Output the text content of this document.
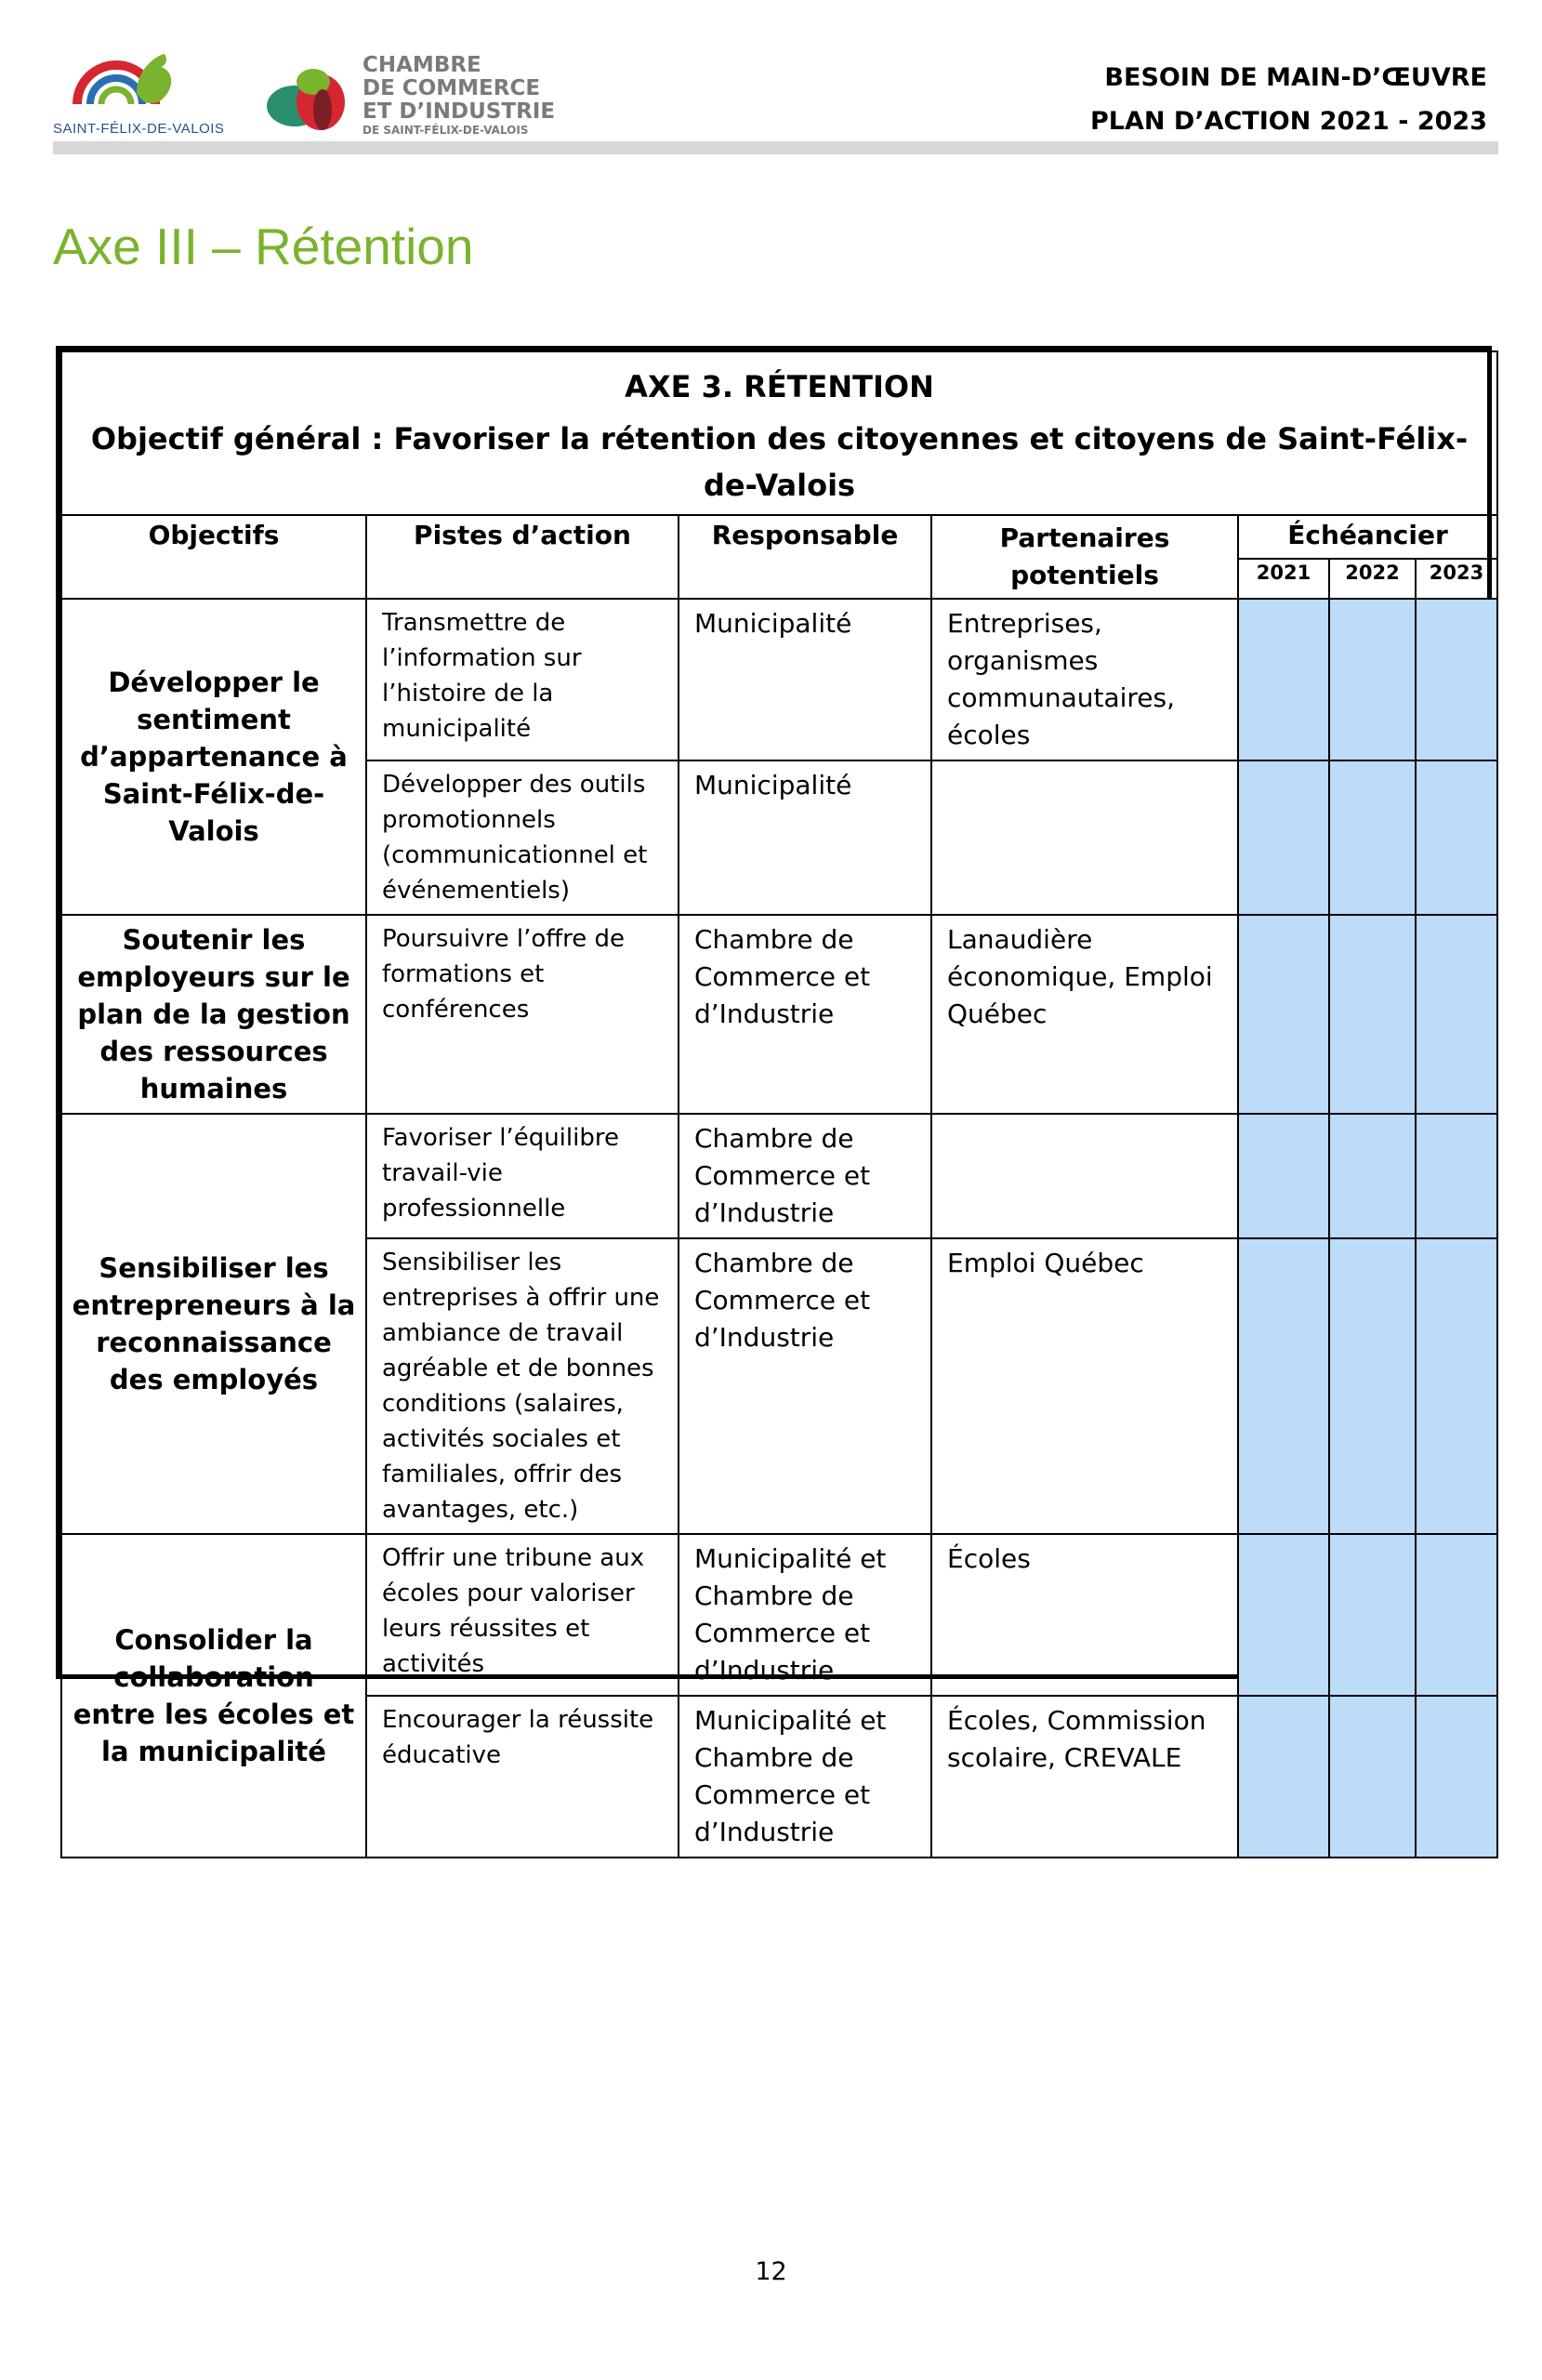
SAINT-FÉLIX-DE-VALOIS
CHAMBRE
DE COMMERCE
ET D’INDUSTRIE
DE SAINT-FÉLIX-DE-VALOIS
BESOIN DE MAIN-D’ŒUVRE
PLAN D’ACTION 2021 - 2023
Axe III – Rétention
AXE 3. RÉTENTION
Objectif général : Favoriser la rétention des citoyennes et citoyens de Saint-Félix-de-Valois						

Objectifs	Pistes d’action	Responsable	Partenaires potentiels	Échéancier		
				2021	2022	2023
Développer le sentiment d’appartenance à Saint-Félix-de-Valois	Transmettre de l’information sur l’histoire de la municipalité	Municipalité	Entreprises, organismes communautaires, écoles			
	Développer des outils promotionnels (communicationnel et événementiels)	Municipalité				
Soutenir les employeurs sur le plan de la gestion des ressources humaines	Poursuivre l’offre de formations et conférences	Chambre de Commerce et d’Industrie	Lanaudière économique, Emploi Québec			
Sensibiliser les entrepreneurs à la reconnaissance des employés	Favoriser l’équilibre travail-vie professionnelle	Chambre de Commerce et d’Industrie				
	Sensibiliser les entreprises à offrir une ambiance de travail agréable et de bonnes conditions (salaires, activités sociales et familiales, offrir des avantages, etc.)	Chambre de Commerce et d’Industrie	Emploi Québec			
Consolider la collaboration entre les écoles et la municipalité	Offrir une tribune aux écoles pour valoriser leurs réussites et activités	Municipalité et Chambre de Commerce et d’Industrie	Écoles			
	Encourager la réussite éducative	Municipalité et Chambre de Commerce et d’Industrie	Écoles, Commission scolaire, CREVALE			
12
